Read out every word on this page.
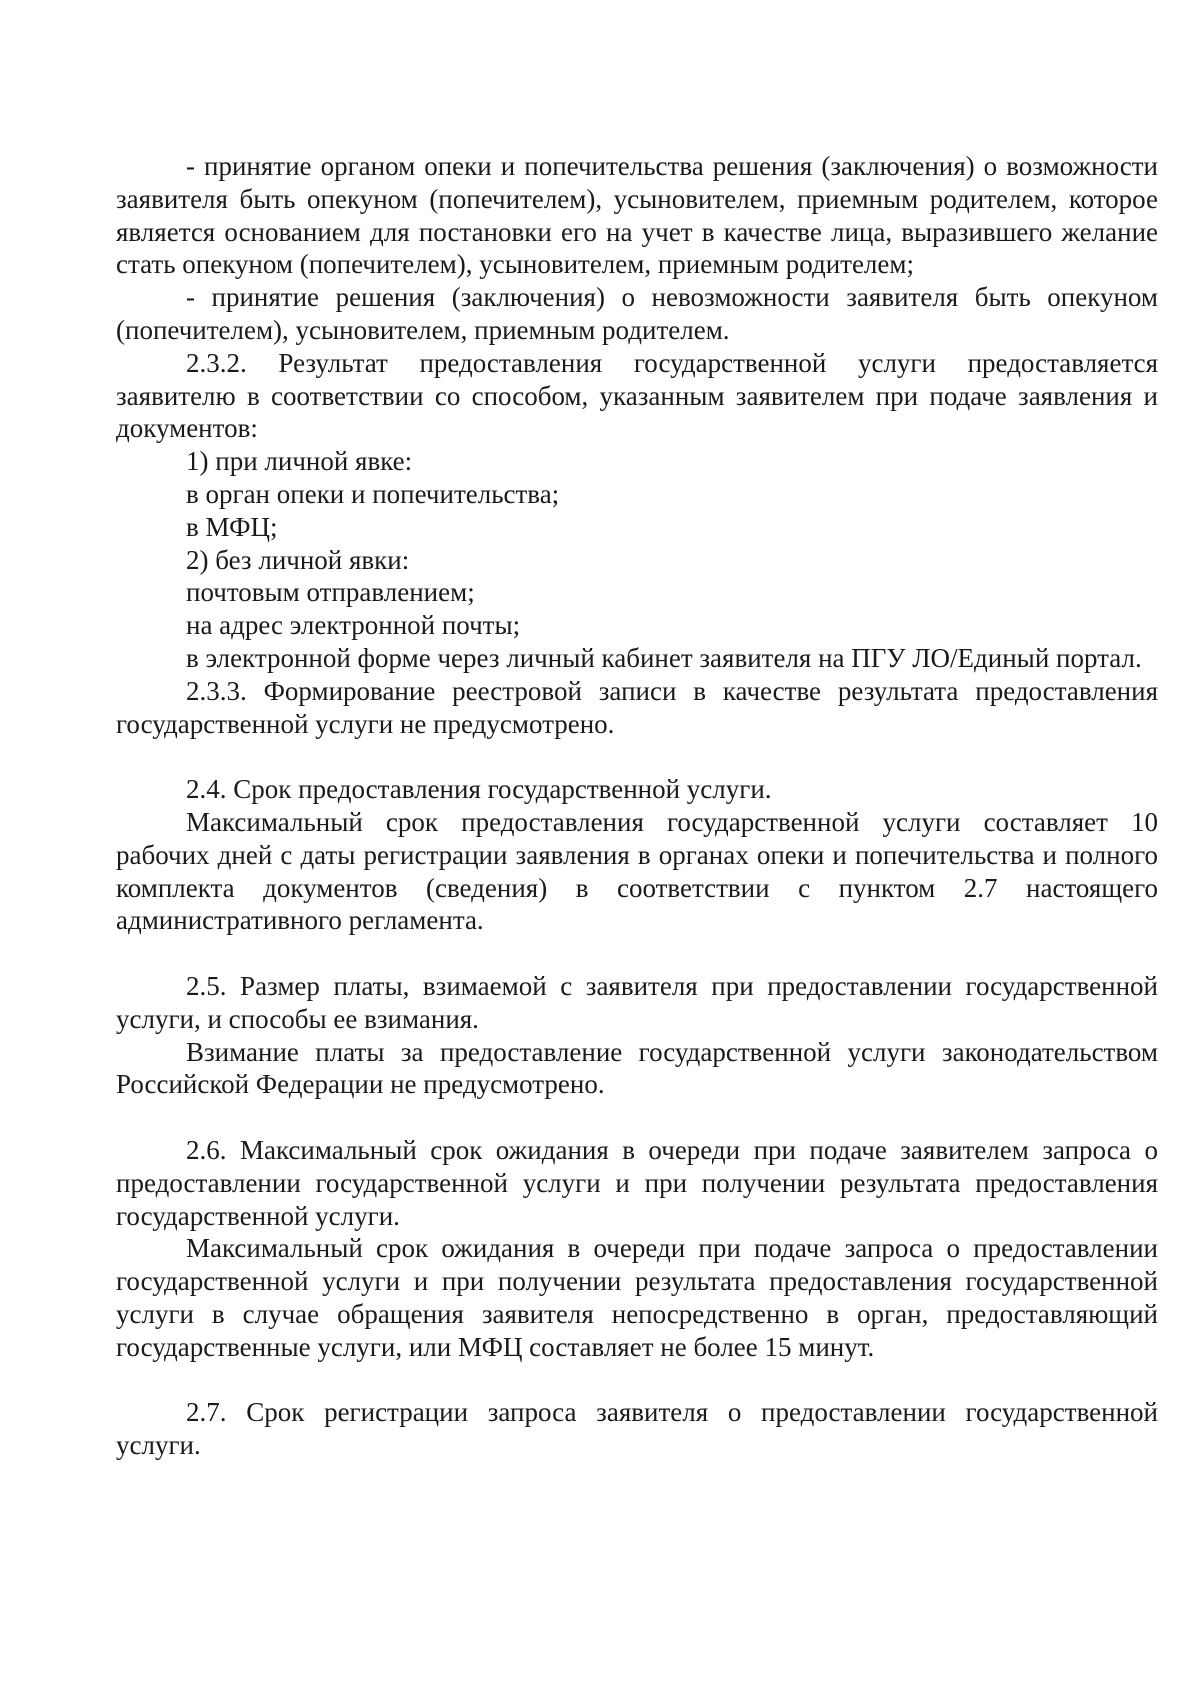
- принятие органом опеки и попечительства решения (заключения) о возможности заявителя быть опекуном (попечителем), усыновителем, приемным родителем, которое является основанием для постановки его на учет в качестве лица, выразившего желание стать опекуном (попечителем), усыновителем, приемным родителем;

- принятие решения (заключения) о невозможности заявителя быть опекуном (попечителем), усыновителем, приемным родителем.

2.3.2. Результат предоставления государственной услуги предоставляется заявителю в соответствии со способом, указанным заявителем при подаче заявления и документов:

1) при личной явке:

в орган опеки и попечительства;

в МФЦ;

2) без личной явки:

почтовым отправлением;

на адрес электронной почты;

в электронной форме через личный кабинет заявителя на ПГУ ЛО/Единый портал.

2.3.3. Формирование реестровой записи в качестве результата предоставления государственной услуги не предусмотрено.

2.4. Срок предоставления государственной услуги.

Максимальный срок предоставления государственной услуги составляет 10 рабочих дней с даты регистрации заявления в органах опеки и попечительства и полного комплекта документов (сведения) в соответствии с пунктом 2.7 настоящего административного регламента.

2.5. Размер платы, взимаемой с заявителя при предоставлении государственной услуги, и способы ее взимания.

Взимание платы за предоставление государственной услуги законодательством Российской Федерации не предусмотрено.

2.6. Максимальный срок ожидания в очереди при подаче заявителем запроса о предоставлении государственной услуги и при получении результата предоставления государственной услуги.

Максимальный срок ожидания в очереди при подаче запроса о предоставлении государственной услуги и при получении результата предоставления государственной услуги в случае обращения заявителя непосредственно в орган, предоставляющий государственные услуги, или МФЦ составляет не более 15 минут.

2.7. Срок регистрации запроса заявителя о предоставлении государственной услуги.
